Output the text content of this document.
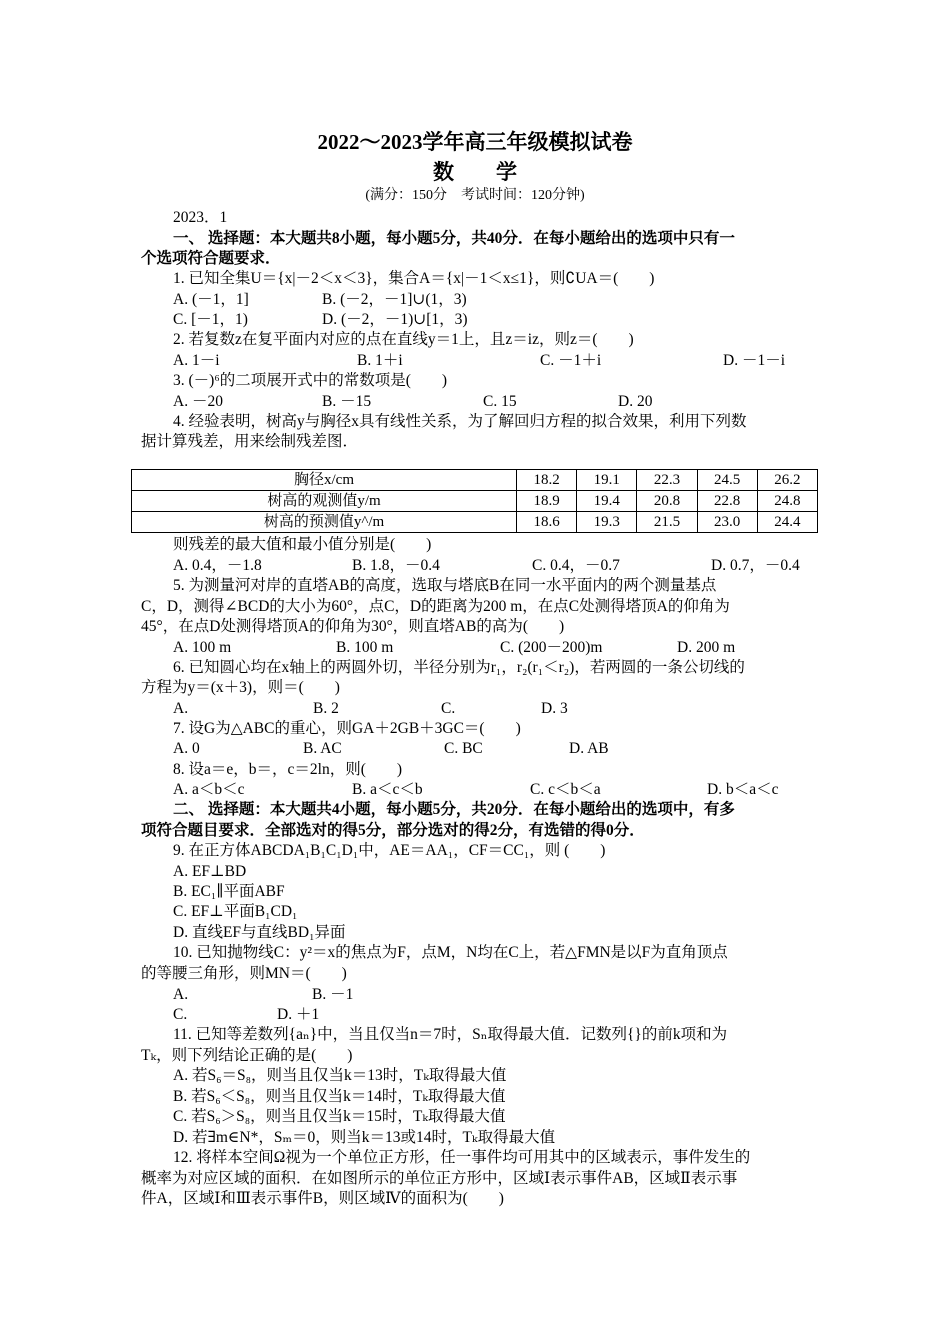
2022～2023学年高三年级模拟试卷
数　　学
(满分：150分　考试时间：120分钟)
2023．1
一、 选择题：本大题共8小题，每小题5分，共40分．在每小题给出的选项中只有一
个选项符合题要求．
1. 已知全集U＝{x|－2＜x＜3}，集合A＝{x|－1＜x≤1}，则∁UA＝(　　)
A. (－1，1]	B. (－2，－1]∪(1，3)
C. [－1，1)	D. (－2，－1)∪[1，3)
2. 若复数z在复平面内对应的点在直线y＝1上，且z＝iz，则z＝(　　)
A. 1－i	B. 1＋i	C. －1＋i	D. －1－i
3. (－)⁶的二项展开式中的常数项是(　　)
A. －20	B. －15	C. 15	D. 20
4. 经验表明，树高y与胸径x具有线性关系，为了解回归方程的拟合效果，利用下列数
据计算残差，用来绘制残差图．
胸径x/cm	18.2	19.1	22.3	24.5	26.2
树高的观测值y/m	18.9	19.4	20.8	22.8	24.8
树高的预测值y^/m	18.6	19.3	21.5	23.0	24.4
则残差的最大值和最小值分别是(　　)
A. 0.4，－1.8	B. 1.8，－0.4	C. 0.4，－0.7	D. 0.7，－0.4
5. 为测量河对岸的直塔AB的高度，选取与塔底B在同一水平面内的两个测量基点
C，D，测得∠BCD的大小为60°，点C，D的距离为200 m，在点C处测得塔顶A的仰角为
45°，在点D处测得塔顶A的仰角为30°，则直塔AB的高为(　　)
A. 100 m	B. 100 m	C. (200－200)m	D. 200 m
6. 已知圆心均在x轴上的两圆外切，半径分别为r₁，r₂(r₁＜r₂)，若两圆的一条公切线的
方程为y＝(x＋3)，则＝(　　)
A.	B. 2	C.	D. 3
7. 设G为△ABC的重心，则GA＋2GB＋3GC＝(　　)
A. 0	B. AC	C. BC	D. AB
8. 设a＝e，b＝，c＝2ln，则(　　)
A. a＜b＜c	B. a＜c＜b	C. c＜b＜a	D. b＜a＜c
二、 选择题：本大题共4小题，每小题5分，共20分．在每小题给出的选项中，有多
项符合题目要求．全部选对的得5分，部分选对的得2分，有选错的得0分．
9. 在正方体ABCDA₁B₁C₁D₁中，AE＝AA₁，CF＝CC₁，则 (　　)
A. EF⊥BD
B. EC₁∥平面ABF
C. EF⊥平面B₁CD₁
D. 直线EF与直线BD₁异面
10. 已知抛物线C：y²＝x的焦点为F，点M，N均在C上，若△FMN是以F为直角顶点
的等腰三角形，则MN＝(　　)
A.	B. －1
C.	D. ＋1
11. 已知等差数列{aₙ}中，当且仅当n＝7时，Sₙ取得最大值．记数列{}的前k项和为
Tₖ，则下列结论正确的是(　　)
A. 若S₆＝S₈，则当且仅当k＝13时，Tₖ取得最大值
B. 若S₆＜S₈，则当且仅当k＝14时，Tₖ取得最大值
C. 若S₆＞S₈，则当且仅当k＝15时，Tₖ取得最大值
D. 若∃m∈N*，Sₘ＝0，则当k＝13或14时，Tₖ取得最大值
12. 将样本空间Ω视为一个单位正方形，任一事件均可用其中的区域表示，事件发生的
概率为对应区域的面积．在如图所示的单位正方形中，区域Ⅰ表示事件AB，区域Ⅱ表示事
件A，区域Ⅰ和Ⅲ表示事件B，则区域Ⅳ的面积为(　　)
